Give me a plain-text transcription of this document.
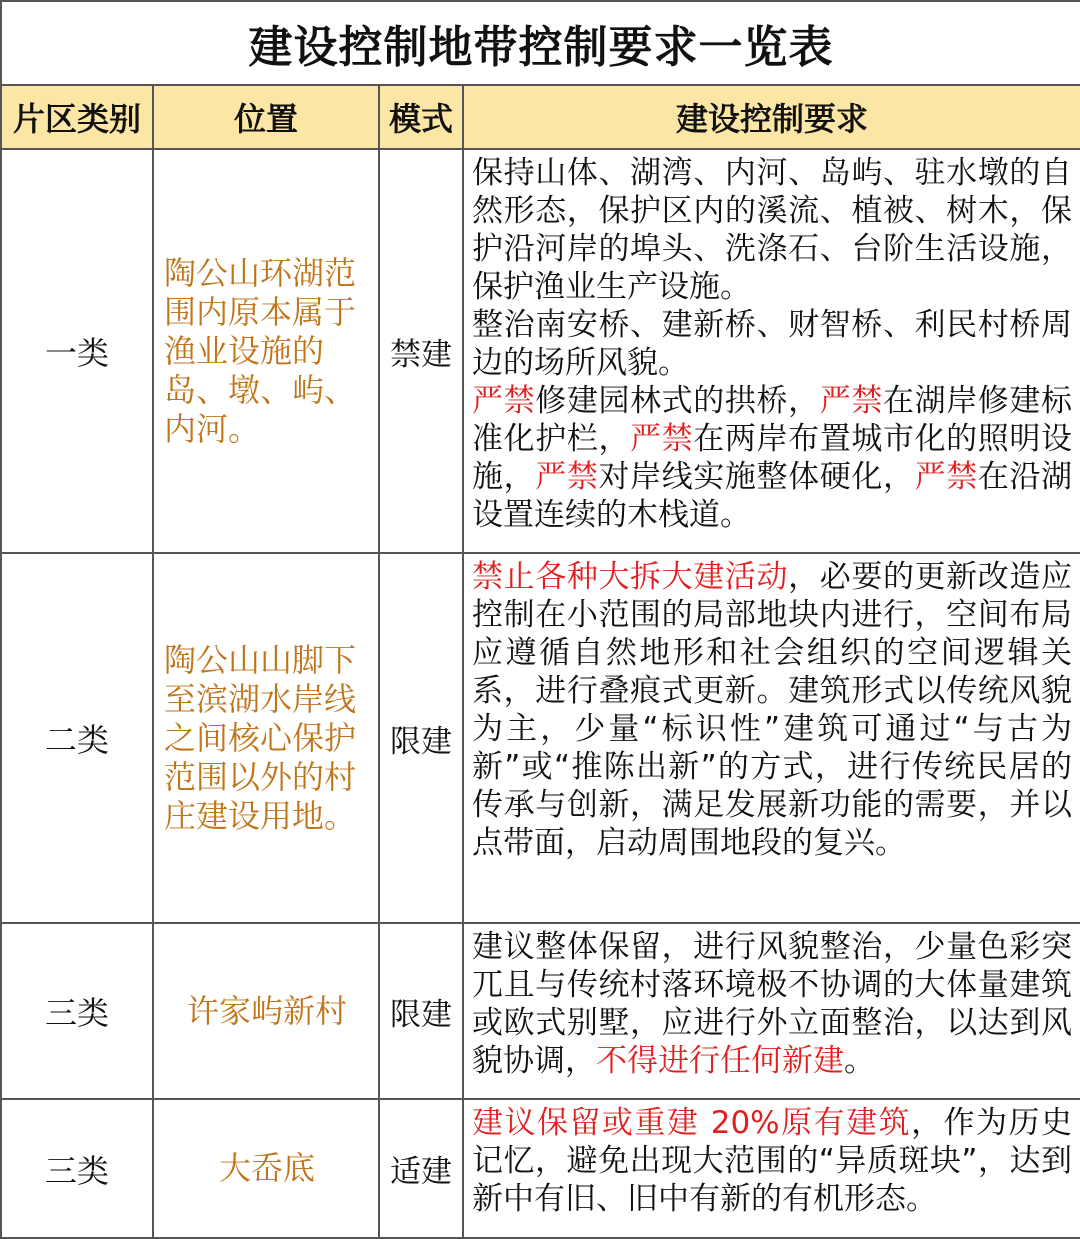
建设控制地带控制要求一览表			
片区类别	位置	模式	建设控制要求
一类	陶公山环湖范围内原本属于渔业设施的岛、墩、屿、内河。	禁建	保持山体、湖湾、内河、岛屿、驻水墩的自然形态，保护区内的溪流、植被、树木，保护沿河岸的埠头、洗涤石、台阶生活设施，保护渔业生产设施。

整治南安桥、建新桥、财智桥、利民村桥周边的场所风貌。

严禁修建园林式的拱桥，严禁在湖岸修建标准化护栏，严禁在两岸布置城市化的照明设施，严禁对岸线实施整体硬化，严禁在沿湖设置连续的木栈道。

二类	陶公山山脚下至滨湖水岸线之间核心保护范围以外的村庄建设用地。	限建	禁止各种大拆大建活动，必要的更新改造应控制在小范围的局部地块内进行，空间布局应遵循自然地形和社会组织的空间逻辑关系，进行叠痕式更新。建筑形式以传统风貌为主，少量“标识性”建筑可通过“与古为新”或“推陈出新”的方式，进行传统民居的传承与创新，满足发展新功能的需要，并以点带面，启动周围地段的复兴。

三类	许家屿新村	限建	建议整体保留，进行风貌整治，少量色彩突兀且与传统村落环境极不协调的大体量建筑或欧式别墅，应进行外立面整治，以达到风貌协调，不得进行任何新建。

三类	大岙底	适建	建议保留或重建 20%原有建筑，作为历史记忆，避免出现大范围的“异质斑块”，达到新中有旧、旧中有新的有机形态。
